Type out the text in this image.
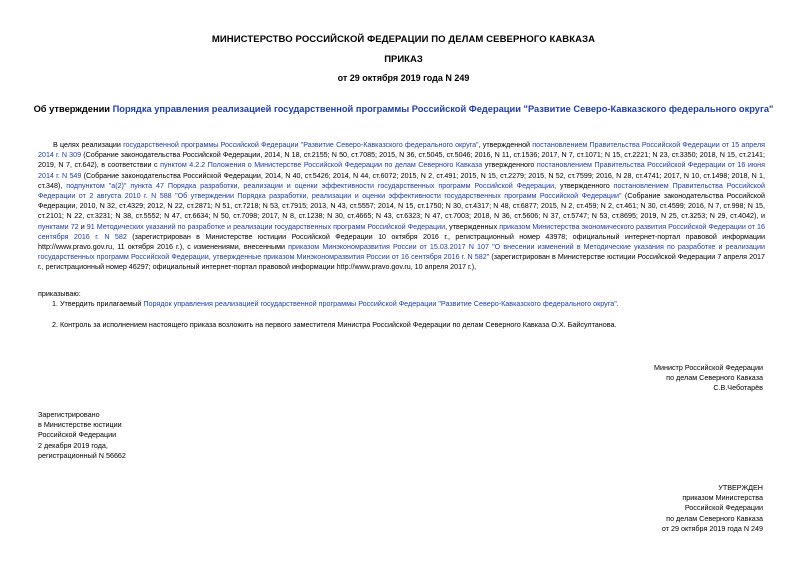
МИНИСТЕРСТВО РОССИЙСКОЙ ФЕДЕРАЦИИ ПО ДЕЛАМ СЕВЕРНОГО КАВКАЗА
ПРИКАЗ
от 29 октября 2019 года N 249
Об утверждении Порядка управления реализацией государственной программы Российской Федерации "Развитие Северо-Кавказского федерального округа"

В целях реализации государственной программы Российской Федерации "Развитие Северо-Кавказского федерального округа", утвержденной постановлением Правительства Российской Федерации от 15 апреля 2014 г. N 309 (Собрание законодательства Российской Федерации, 2014, N 18, ст.2155; N 50, ст.7085; 2015, N 36, ст.5045, ст.5046; 2016, N 11, ст.1536; 2017, N 7, ст.1071; N 15, ст.2221; N 23, ст.3350; 2018, N 15, ст.2141; 2019, N 7, ст.642), в соответствии с пунктом 4.2.2 Положения о Министерстве Российской Федерации по делам Северного Кавказа утвержденного постановлением Правительства Российской Федерации от 16 июня 2014 г. N 549 (Собрание законодательства Российской Федерации, 2014, N 40, ст.5426; 2014, N 44, ст.6072; 2015, N 2, ст.491; 2015, N 15, ст.2279; 2015, N 52, ст.7599; 2016, N 28, ст.4741; 2017, N 10, ст.1498; 2018, N 1, ст.348), подпунктом "а(2)" пункта 47 Порядка разработки, реализации и оценки эффективности государственных программ Российской Федерации, утвержденного постановлением Правительства Российской Федерации от 2 августа 2010 г. N 588 "Об утверждении Порядка разработки, реализации и оценки эффективности государственных программ Российской Федерации" (Собрание законодательства Российской Федерации, 2010, N 32, ст.4329; 2012, N 22, ст.2871; N 51, ст.7218; N 53, ст.7915; 2013, N 43, ст.5557; 2014, N 15, ст.1750; N 30, ст.4317; N 48, ст.6877; 2015, N 2, ст.459; N 2, ст.461; N 30, ст.4599; 2016, N 7, ст.998; N 15, ст.2101; N 22, ст.3231; N 38, ст.5552; N 47, ст.6634; N 50, ст.7098; 2017, N 8, ст.1238; N 30, ст.4665; N 43, ст.6323; N 47, ст.7003; 2018, N 36, ст.5606; N 37, ст.5747; N 53, ст.8695; 2019, N 25, ст.3253; N 29, ст.4042), и пунктами 72 и 91 Методических указаний по разработке и реализации государственных программ Российской Федерации, утвержденных приказом Министерства экономического развития Российской Федерации от 16 сентября 2016 г. N 582 (зарегистрирован в Министерстве юстиции Российской Федерации 10 октября 2016 г., регистрационный номер 43978; официальный интернет-портал правовой информации http://www.pravo.gov.ru, 11 октября 2016 г.), с изменениями, внесенными приказом Минэкономразвития России от 15.03.2017 N 107 "О внесении изменений в Методические указания по разработке и реализации государственных программ Российской Федерации, утвержденные приказом Минэкономразвития России от 16 сентября 2016 г. N 582" (зарегистрирован в Министерстве юстиции Российской Федерации 7 апреля 2017 г., регистрационный номер 46297; официальный интернет-портал правовой информации http://www.pravo.gov.ru, 10 апреля 2017 г.),

приказываю:
1. Утвердить прилагаемый Порядок управления реализацией государственной программы Российской Федерации "Развитие Северо-Кавказского федерального округа".
2. Контроль за исполнением настоящего приказа возложить на первого заместителя Министра Российской Федерации по делам Северного Кавказа О.Х. Байсултанова.
Министр Российской Федерации
по делам Северного Кавказа
С.В.Чеботарёв
Зарегистрировано
в Министерстве юстиции
Российской Федерации
2 декабря 2019 года,
регистрационный N 56662
УТВЕРЖДЕН
приказом Министерства
Российской Федерации
по делам Северного Кавказа
от 29 октября 2019 года N 249
